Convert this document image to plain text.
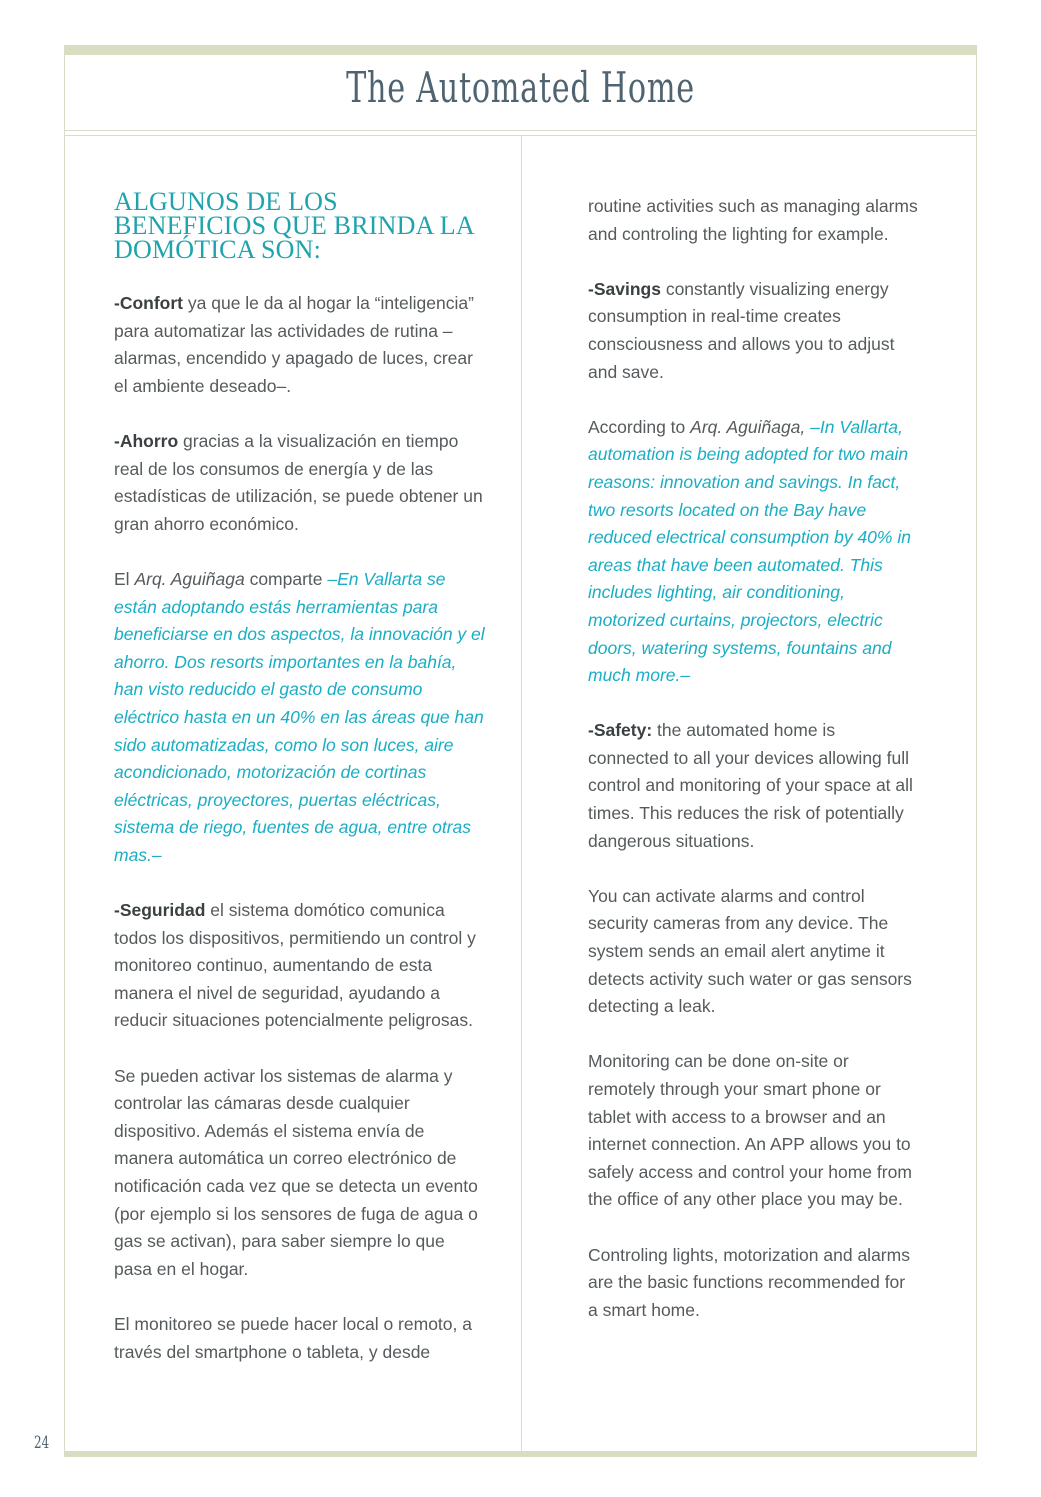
The Automated Home
ALGUNOS DE LOS BENEFICIOS QUE BRINDA LA DOMÓTICA SON:

-Confort ya que le da al hogar la “inteligencia” para automatizar las actividades de rutina –alarmas, encendido y apagado de luces, crear el ambiente deseado–.

-Ahorro gracias a la visualización en tiempo real de los consumos de energía y de las estadísticas de utilización, se puede obtener un gran ahorro económico.

El Arq. Aguiñaga comparte –En Vallarta se están adoptando estás herramientas para beneficiarse en dos aspectos, la innovación y el ahorro. Dos resorts importantes en la bahía, han visto reducido el gasto de consumo eléctrico hasta en un 40% en las áreas que han sido automatizadas, como lo son luces, aire acondicionado, motorización de cortinas eléctricas, proyectores, puertas eléctricas, sistema de riego, fuentes de agua, entre otras mas.–

-Seguridad el sistema domótico comunica todos los dispositivos, permitiendo un control y monitoreo continuo, aumentando de esta manera el nivel de seguridad, ayudando a reducir situaciones potencialmente peligrosas.

Se pueden activar los sistemas de alarma y controlar las cámaras desde cualquier dispositivo. Además el sistema envía de manera automática un correo electrónico de notificación cada vez que se detecta un evento (por ejemplo si los sensores de fuga de agua o gas se activan), para saber siempre lo que pasa en el hogar.

El monitoreo se puede hacer local o remoto, a través del smartphone o tableta, y desde

routine activities such as managing alarms and controling the lighting for example.

-Savings constantly visualizing energy consumption in real-time creates consciousness and allows you to adjust and save.

According to Arq. Aguiñaga, –In Vallarta, automation is being adopted for two main reasons: innovation and savings. In fact, two resorts located on the Bay have reduced electrical consumption by 40% in areas that have been automated. This includes lighting, air conditioning, motorized curtains, projectors, electric doors, watering systems, fountains and much more.–

-Safety: the automated home is connected to all your devices allowing full control and monitoring of your space at all times. This reduces the risk of potentially dangerous situations.

You can activate alarms and control security cameras from any device. The system sends an email alert anytime it detects activity such water or gas sensors detecting a leak.

Monitoring can be done on-site or remotely through your smart phone or tablet with access to a browser and an internet connection. An APP allows you to safely access and control your home from the office of any other place you may be.

Controling lights, motorization and alarms are the basic functions recommended for a smart home.

24
